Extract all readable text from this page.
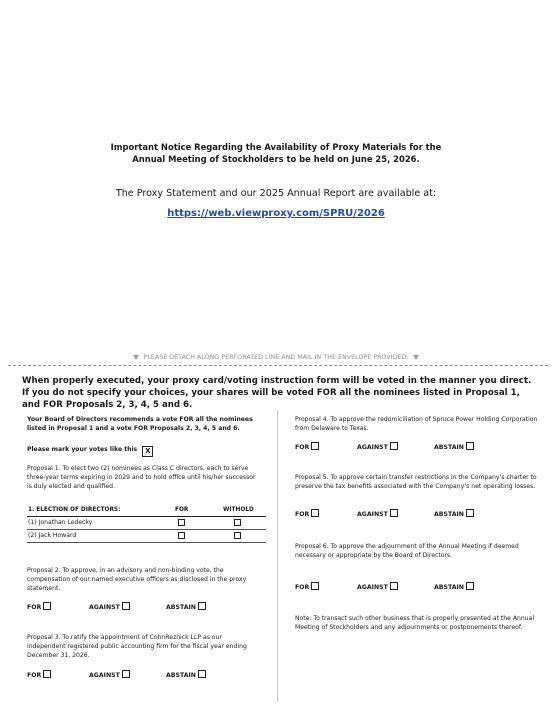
Important Notice Regarding the Availability of Proxy Materials for the
Annual Meeting of Stockholders to be held on June 25, 2026.
The Proxy Statement and our 2025 Annual Report are available at:
https://web.viewproxy.com/SPRU/2026
PLEASE DETACH ALONG PERFORATED LINE AND MAIL IN THE ENVELOPE PROVIDED.
When properly executed, your proxy card/voting instruction form will be voted in the manner you direct. If you do not specify your choices, your shares will be voted FOR all the nominees listed in Proposal 1, and FOR Proposals 2, 3, 4, 5 and 6.
Your Board of Directors recommends a vote FOR all the nominees listed in Proposal 1 and a vote FOR Proposals 2, 3, 4, 5 and 6.
Please mark your votes like this X
Proposal 1. To elect two (2) nominees as Class C directors, each to serve three-year terms expiring in 2029 and to hold office until his/her successor is duly elected and qualified.
1. ELECTION OF DIRECTORS:	FOR	WITHOLD
(1) Jonathan Ledecky
(2) Jack Howard
Proposal 2. To approve, in an advisory and non-binding vote, the compensation of our named executive officers as disclosed in the proxy statement.
FOR	AGAINST	ABSTAIN
Proposal 3. To ratify the appointment of CohnReznick LLP as our independent registered public accounting firm for the fiscal year ending December 31, 2026.
FOR	AGAINST	ABSTAIN
Proposal 4. To approve the redomiciliation of Spruce Power Holding Corporation from Delaware to Texas.
FOR	AGAINST	ABSTAIN
Proposal 5. To approve certain transfer restrictions in the Company’s charter to preserve the tax benefits associated with the Company’s net operating losses.
FOR	AGAINST	ABSTAIN
Proposal 6. To approve the adjournment of the Annual Meeting if deemed necessary or appropriate by the Board of Directors.
FOR	AGAINST	ABSTAIN
Note: To transact such other business that is properly presented at the Annual Meeting of Stockholders and any adjournments or postponements thereof.
